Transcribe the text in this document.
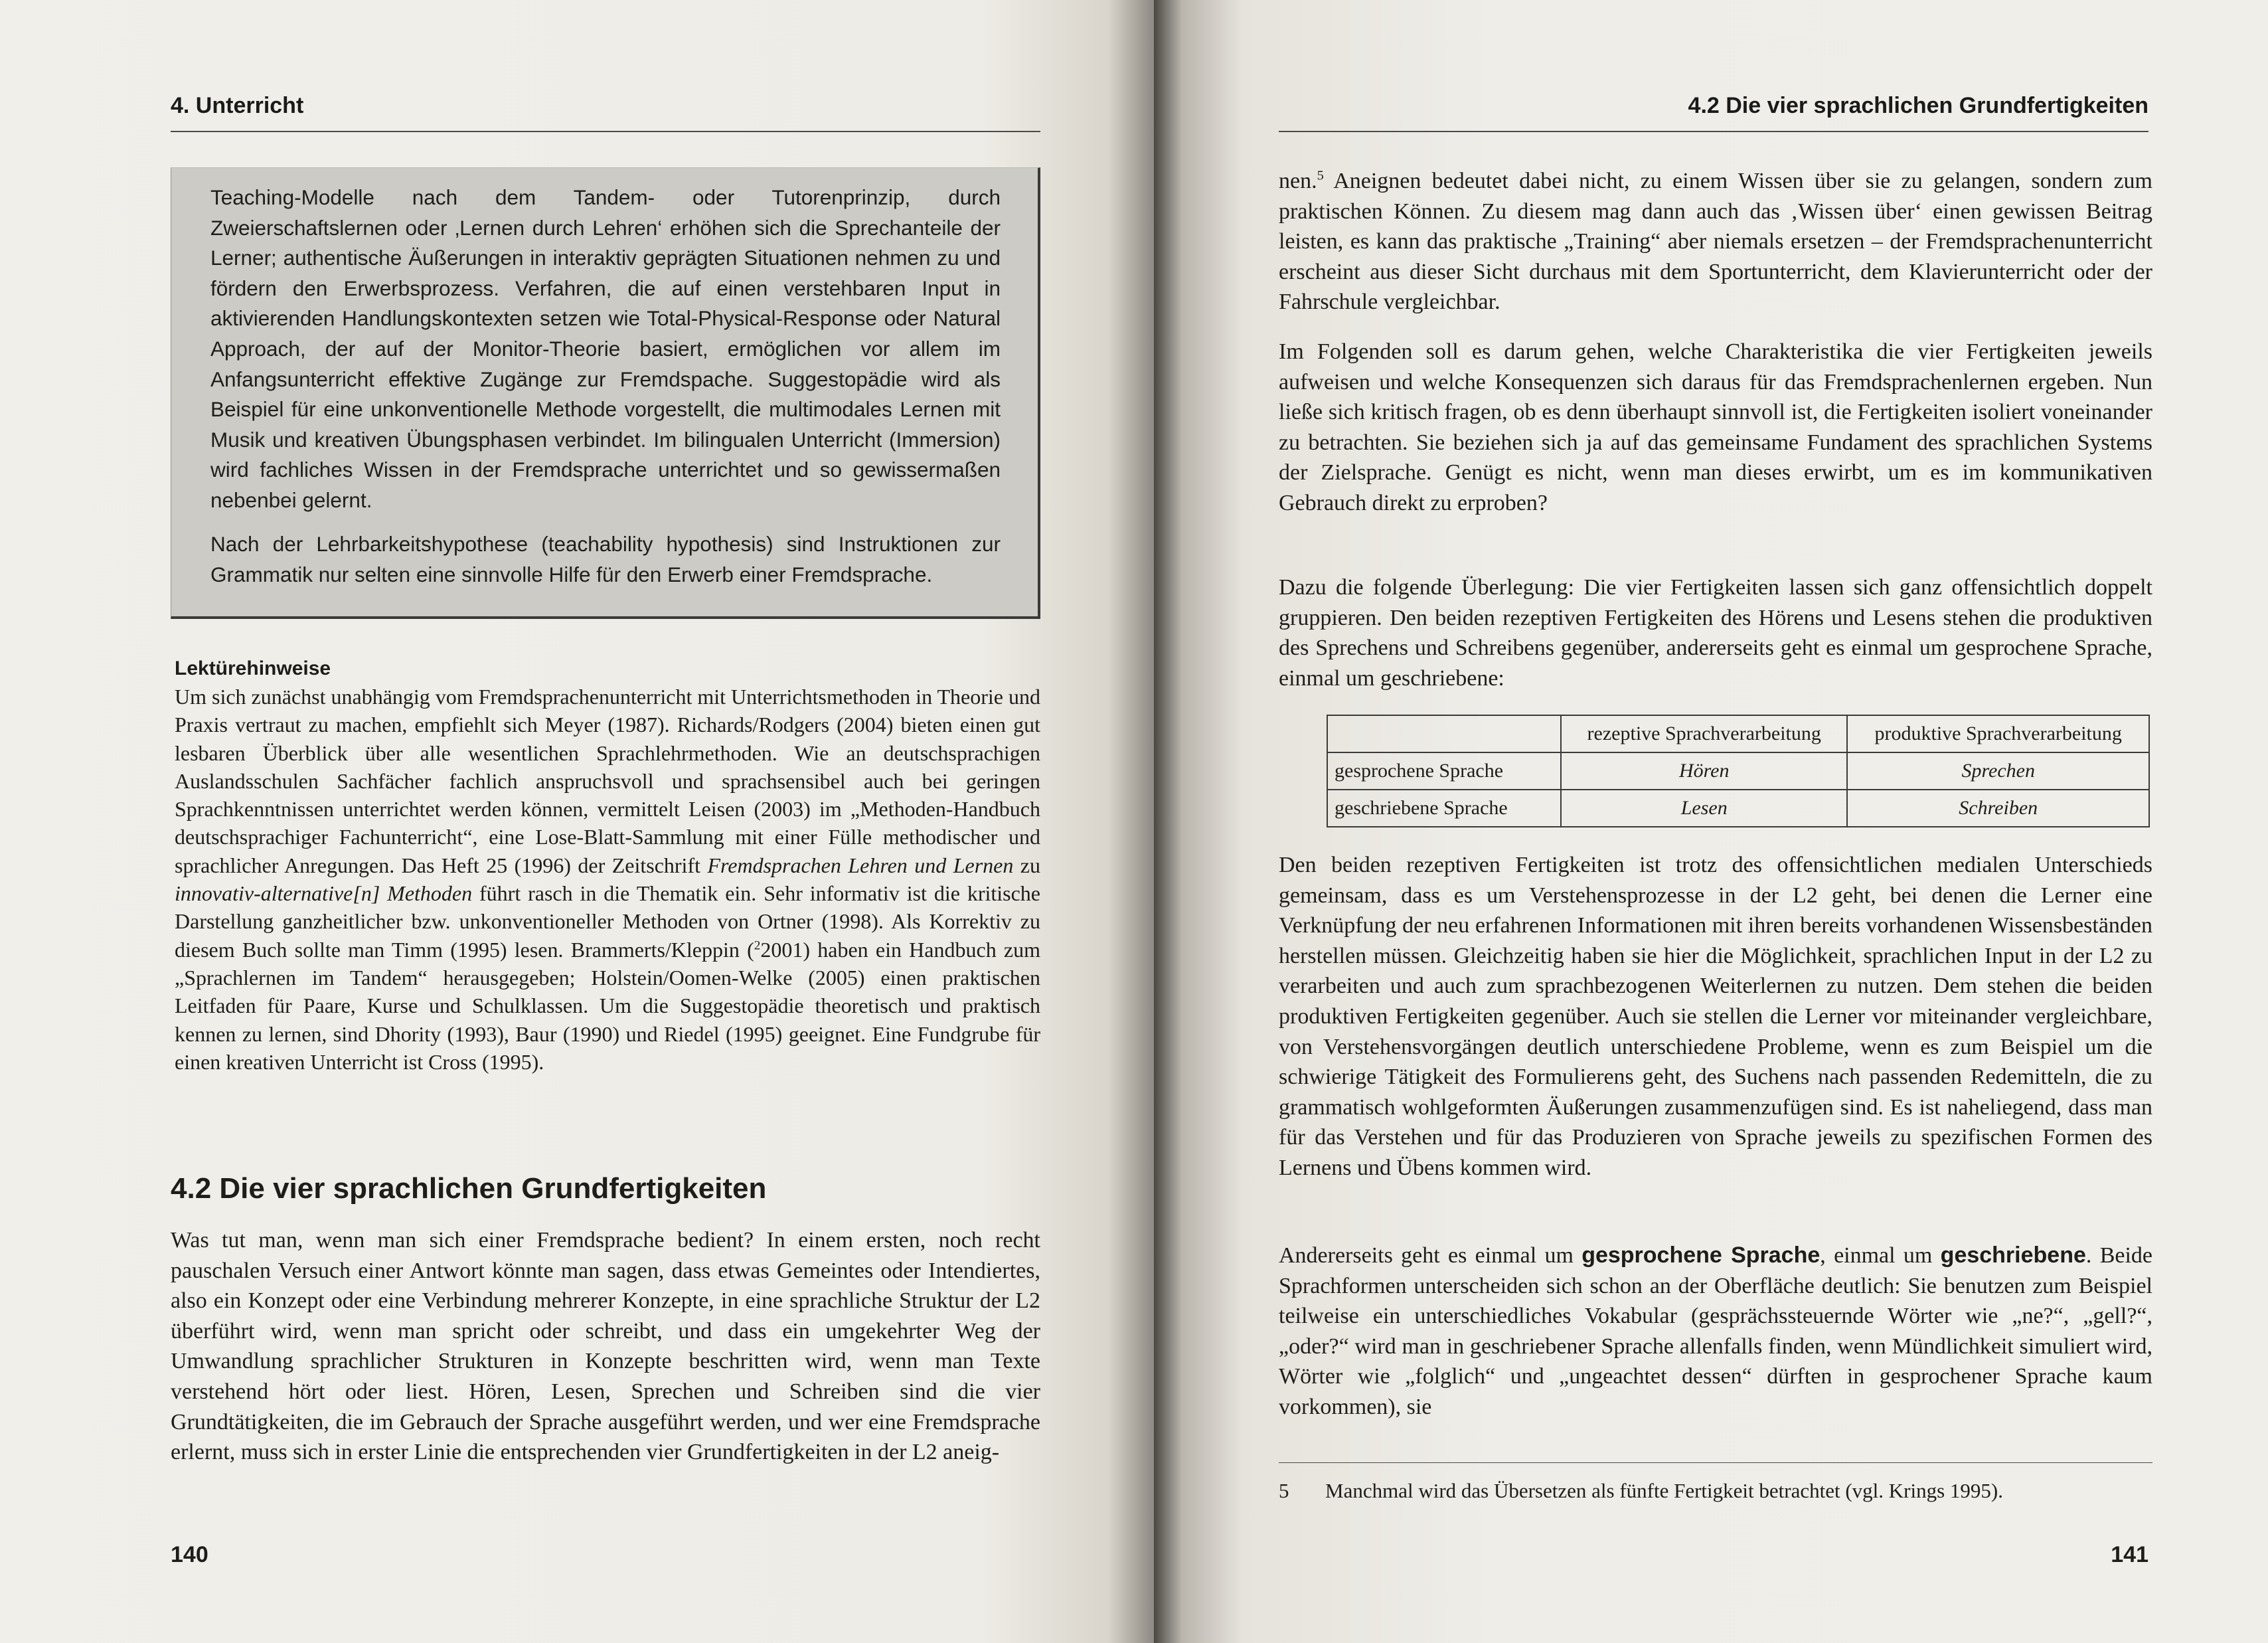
4. Unterricht

Teaching-Modelle nach dem Tandem- oder Tutorenprinzip, durch Zweierschaftslernen oder ‚Lernen durch Lehren‘ erhöhen sich die Sprechanteile der Lerner; authentische Äußerungen in interaktiv geprägten Situationen nehmen zu und fördern den Erwerbsprozess. Verfahren, die auf einen verstehbaren Input in aktivierenden Handlungskontexten setzen wie Total-Physical-Response oder Natural Approach, der auf der Monitor-Theorie basiert, ermöglichen vor allem im Anfangsunterricht effektive Zugänge zur Fremdspache. Suggestopädie wird als Beispiel für eine unkonventionelle Methode vorgestellt, die multimodales Lernen mit Musik und kreativen Übungsphasen verbindet. Im bilingualen Unterricht (Immersion) wird fachliches Wissen in der Fremdsprache unterrichtet und so gewissermaßen nebenbei gelernt.

Nach der Lehrbarkeitshypothese (teachability hypothesis) sind Instruktionen zur Grammatik nur selten eine sinnvolle Hilfe für den Erwerb einer Fremdsprache.

Lektürehinweise

Um sich zunächst unabhängig vom Fremdsprachenunterricht mit Unterrichtsmethoden in Theorie und Praxis vertraut zu machen, empfiehlt sich Meyer (1987). Richards/Rodgers (2004) bieten einen gut lesbaren Überblick über alle wesentlichen Sprachlehrmethoden. Wie an deutschsprachigen Auslandsschulen Sachfächer fachlich anspruchsvoll und sprachsensibel auch bei geringen Sprachkenntnissen unterrichtet werden können, vermittelt Leisen (2003) im „Methoden-Handbuch deutschsprachiger Fachunterricht“, eine Lose-Blatt-Sammlung mit einer Fülle methodischer und sprachlicher Anregungen. Das Heft 25 (1996) der Zeitschrift Fremdsprachen Lehren und Lernen zu innovativ-alternative[n] Methoden führt rasch in die Thematik ein. Sehr informativ ist die kritische Darstellung ganzheitlicher bzw. unkonventioneller Methoden von Ortner (1998). Als Korrektiv zu diesem Buch sollte man Timm (1995) lesen. Brammerts/Kleppin ($^2$2001) haben ein Handbuch zum „Sprachlernen im Tandem“ herausgegeben; Holstein/Oomen-Welke (2005) einen praktischen Leitfaden für Paare, Kurse und Schulklassen. Um die Suggestopädie theoretisch und praktisch kennen zu lernen, sind Dhority (1993), Baur (1990) und Riedel (1995) geeignet. Eine Fundgrube für einen kreativen Unterricht ist Cross (1995).

4.2 Die vier sprachlichen Grundfertigkeiten

Was tut man, wenn man sich einer Fremdsprache bedient? In einem ersten, noch recht pauschalen Versuch einer Antwort könnte man sagen, dass etwas Gemeintes oder Intendiertes, also ein Konzept oder eine Verbindung mehrerer Konzepte, in eine sprachliche Struktur der L2 überführt wird, wenn man spricht oder schreibt, und dass ein umgekehrter Weg der Umwandlung sprachlicher Strukturen in Konzepte beschritten wird, wenn man Texte verstehend hört oder liest. Hören, Lesen, Sprechen und Schreiben sind die vier Grundtätigkeiten, die im Gebrauch der Sprache ausgeführt werden, und wer eine Fremdsprache erlernt, muss sich in erster Linie die entsprechenden vier Grundfertigkeiten in der L2 aneig-

140
4.2 Die vier sprachlichen Grundfertigkeiten

nen.$^5$ Aneignen bedeutet dabei nicht, zu einem Wissen über sie zu gelangen, sondern zum praktischen Können. Zu diesem mag dann auch das ‚Wissen über‘ einen gewissen Beitrag leisten, es kann das praktische „Training“ aber niemals ersetzen – der Fremdsprachenunterricht erscheint aus dieser Sicht durchaus mit dem Sportunterricht, dem Klavierunterricht oder der Fahrschule vergleichbar.

Im Folgenden soll es darum gehen, welche Charakteristika die vier Fertigkeiten jeweils aufweisen und welche Konsequenzen sich daraus für das Fremdsprachenlernen ergeben. Nun ließe sich kritisch fragen, ob es denn überhaupt sinnvoll ist, die Fertigkeiten isoliert voneinander zu betrachten. Sie beziehen sich ja auf das gemeinsame Fundament des sprachlichen Systems der Zielsprache. Genügt es nicht, wenn man dieses erwirbt, um es im kommunikativen Gebrauch direkt zu erproben?

Dazu die folgende Überlegung: Die vier Fertigkeiten lassen sich ganz offensichtlich doppelt gruppieren. Den beiden rezeptiven Fertigkeiten des Hörens und Lesens stehen die produktiven des Sprechens und Schreibens gegenüber, andererseits geht es einmal um gesprochene Sprache, einmal um geschriebene:

	rezeptive Sprachverarbeitung	produktive Sprachverarbeitung
gesprochene Sprache	Hören	Sprechen
geschriebene Sprache	Lesen	Schreiben

Den beiden rezeptiven Fertigkeiten ist trotz des offensichtlichen medialen Unterschieds gemeinsam, dass es um Verstehensprozesse in der L2 geht, bei denen die Lerner eine Verknüpfung der neu erfahrenen Informationen mit ihren bereits vorhandenen Wissensbeständen herstellen müssen. Gleichzeitig haben sie hier die Möglichkeit, sprachlichen Input in der L2 zu verarbeiten und auch zum sprachbezogenen Weiterlernen zu nutzen. Dem stehen die beiden produktiven Fertigkeiten gegenüber. Auch sie stellen die Lerner vor miteinander vergleichbare, von Verstehensvorgängen deutlich unterschiedene Probleme, wenn es zum Beispiel um die schwierige Tätigkeit des Formulierens geht, des Suchens nach passenden Redemitteln, die zu grammatisch wohlgeformten Äußerungen zusammenzufügen sind. Es ist naheliegend, dass man für das Verstehen und für das Produzieren von Sprache jeweils zu spezifischen Formen des Lernens und Übens kommen wird.

Andererseits geht es einmal um gesprochene Sprache, einmal um geschriebene. Beide Sprachformen unterscheiden sich schon an der Oberfläche deutlich: Sie benutzen zum Beispiel teilweise ein unterschiedliches Vokabular (gesprächssteuernde Wörter wie „ne?“, „gell?“, „oder?“ wird man in geschriebener Sprache allenfalls finden, wenn Mündlichkeit simuliert wird, Wörter wie „folglich“ und „ungeachtet dessen“ dürften in gesprochener Sprache kaum vorkommen), sie

5 Manchmal wird das Übersetzen als fünfte Fertigkeit betrachtet (vgl. Krings 1995).
141
